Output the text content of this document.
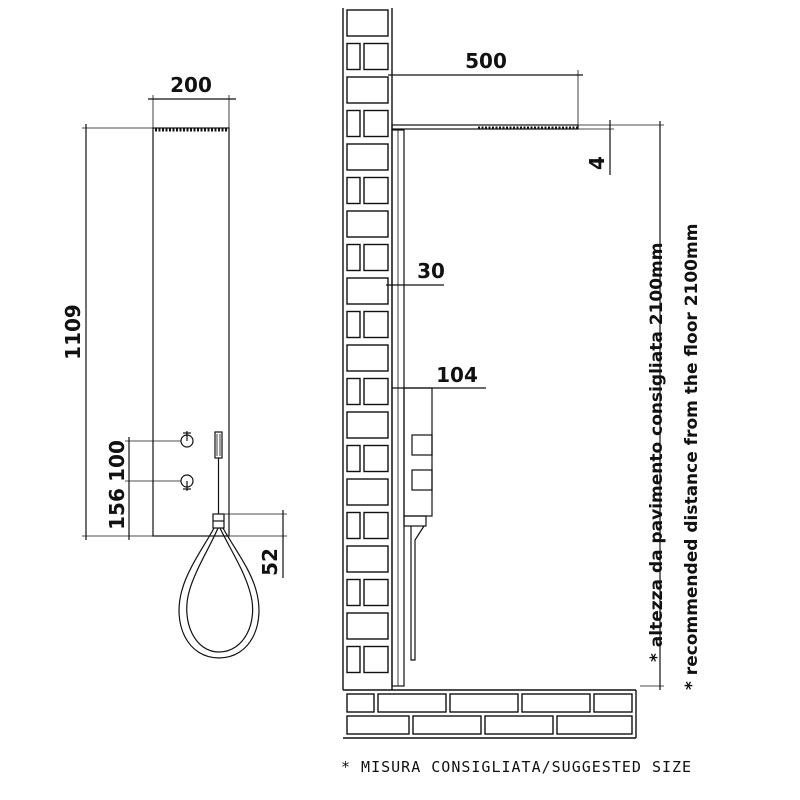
200
1109
100
156
52
500
4
30
104	* altezza da pavimento consigliata 2100mm * recommended distance from the floor 2100mm
* MISURA CONSIGLIATA/SUGGESTED SIZE
